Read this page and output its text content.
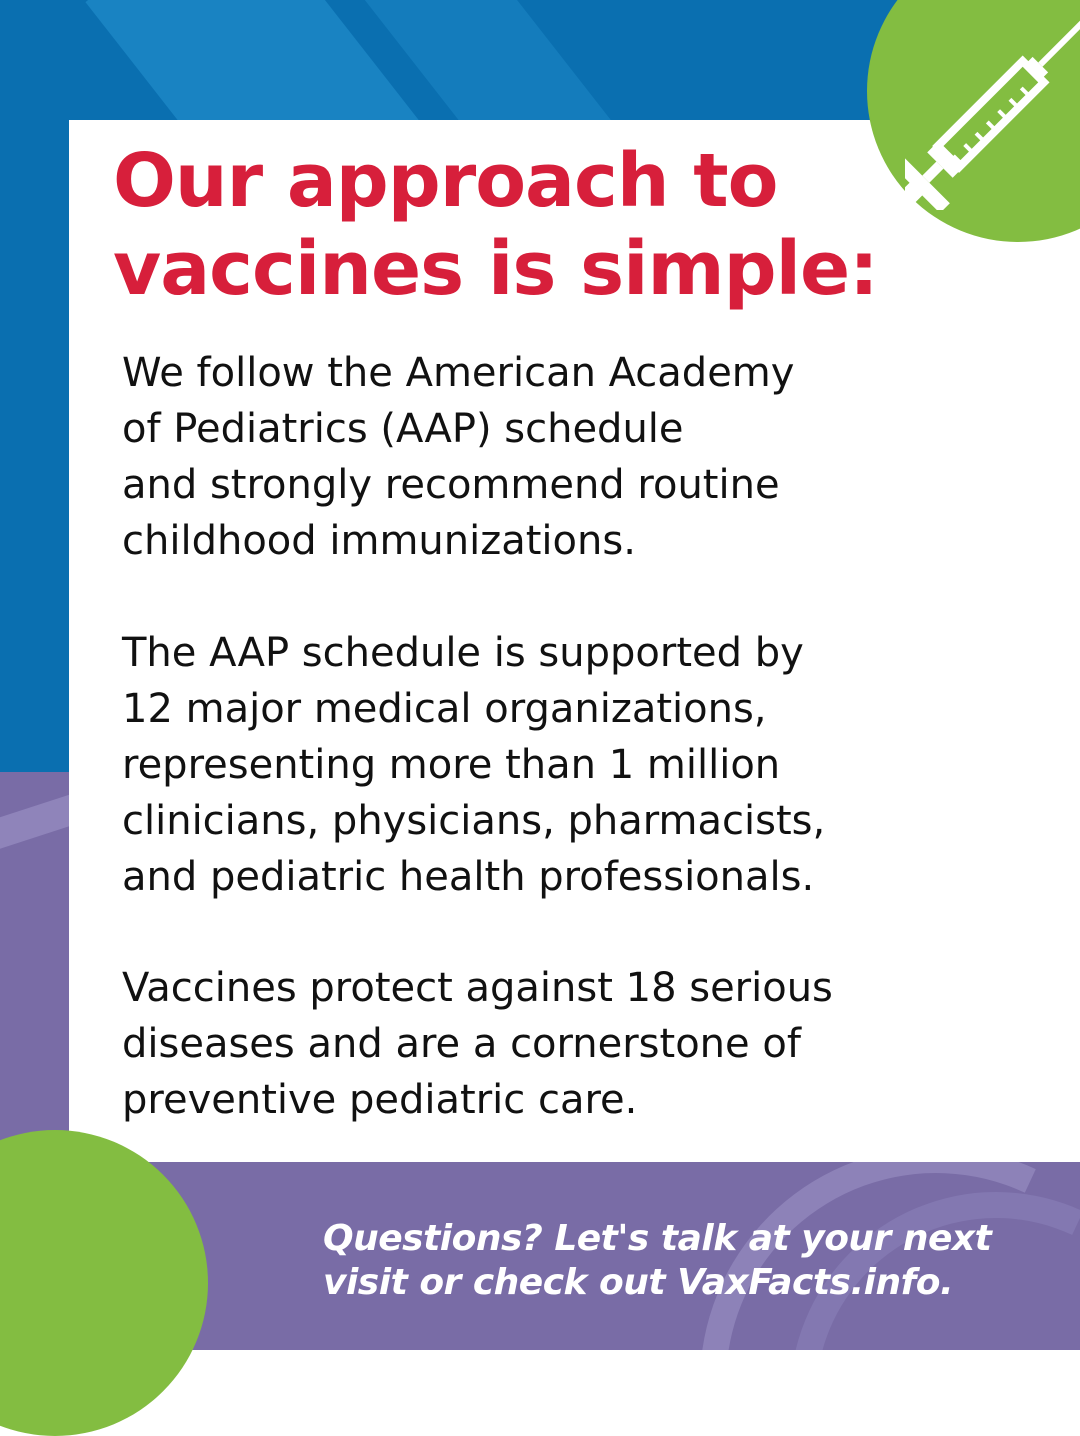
Our approach to
vaccines is simple:

We follow the American Academy
of Pediatrics (AAP) schedule
and strongly recommend routine
childhood immunizations.

The AAP schedule is supported by
12 major medical organizations,
representing more than 1 million
clinicians, physicians, pharmacists,
and pediatric health professionals.

Vaccines protect against 18 serious
diseases and are a cornerstone of
preventive pediatric care.

Questions? Let's talk at your next
visit or check out VaxFacts.info.
